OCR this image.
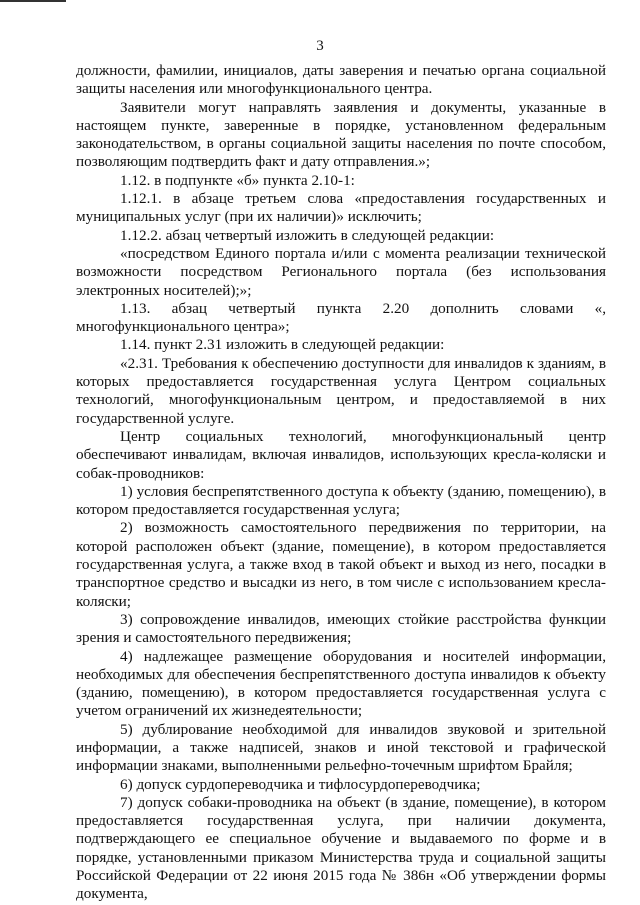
3

должности, фамилии, инициалов, даты заверения и печатью органа социальной защиты населения или многофункционального центра.

Заявители могут направлять заявления и документы, указанные в настоящем пункте, заверенные в порядке, установленном федеральным законодательством, в органы социальной защиты населения по почте способом, позволяющим подтвердить факт и дату отправления.»;

1.12. в подпункте «б» пункта 2.10-1:

1.12.1. в абзаце третьем слова «предоставления государственных и муниципальных услуг (при их наличии)» исключить;

1.12.2. абзац четвертый изложить в следующей редакции:

«посредством Единого портала и/или с момента реализации технической возможности посредством Регионального портала (без использования электронных носителей);»;

1.13. абзац четвертый пункта 2.20 дополнить словами «, многофункционального центра»;

1.14. пункт 2.31 изложить в следующей редакции:

«2.31. Требования к обеспечению доступности для инвалидов к зданиям, в которых предоставляется государственная услуга Центром социальных технологий, многофункциональным центром, и предоставляемой в них государственной услуге.

Центр социальных технологий, многофункциональный центр обеспечивают инвалидам, включая инвалидов, использующих кресла-коляски и собак-проводников:

1) условия беспрепятственного доступа к объекту (зданию, помещению), в котором предоставляется государственная услуга;

2) возможность самостоятельного передвижения по территории, на которой расположен объект (здание, помещение), в котором предоставляется государственная услуга, а также вход в такой объект и выход из него, посадки в транспортное средство и высадки из него, в том числе с использованием кресла-коляски;

3) сопровождение инвалидов, имеющих стойкие расстройства функции зрения и самостоятельного передвижения;

4) надлежащее размещение оборудования и носителей информации, необходимых для обеспечения беспрепятственного доступа инвалидов к объекту (зданию, помещению), в котором предоставляется государственная услуга с учетом ограничений их жизнедеятельности;

5) дублирование необходимой для инвалидов звуковой и зрительной информации, а также надписей, знаков и иной текстовой и графической информации знаками, выполненными рельефно-точечным шрифтом Брайля;

6) допуск сурдопереводчика и тифлосурдопереводчика;

7) допуск собаки-проводника на объект (в здание, помещение), в котором предоставляется государственная услуга, при наличии документа, подтверждающего ее специальное обучение и выдаваемого по форме и в порядке, установленными приказом Министерства труда и социальной защиты Российской Федерации от 22 июня 2015 года № 386н «Об утверждении формы документа,
